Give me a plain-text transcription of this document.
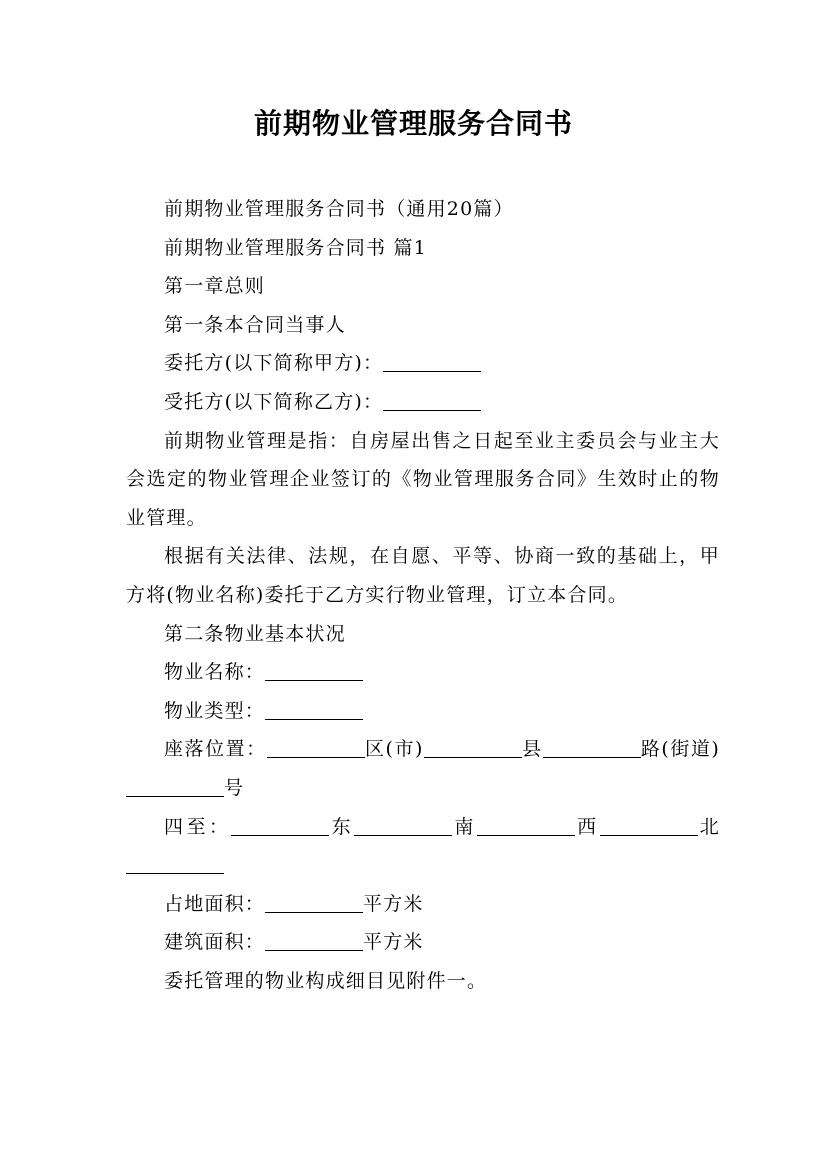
前期物业管理服务合同书

前期物业管理服务合同书（通用20篇）

前期物业管理服务合同书 篇1

第一章总则

第一条本合同当事人

委托方(以下简称甲方)：

受托方(以下简称乙方)：

前期物业管理是指：自房屋出售之日起至业主委员会与业主大会选定的物业管理企业签订的《物业管理服务合同》生效时止的物业管理。

根据有关法律、法规，在自愿、平等、协商一致的基础上，甲方将(物业名称)委托于乙方实行物业管理，订立本合同。

第二条物业基本状况

物业名称：

物业类型：

座落位置：	区(市)	县	路(街道)号

四至：	东	南	西	北

占地面积：	平方米

建筑面积：	平方米

委托管理的物业构成细目见附件一。
